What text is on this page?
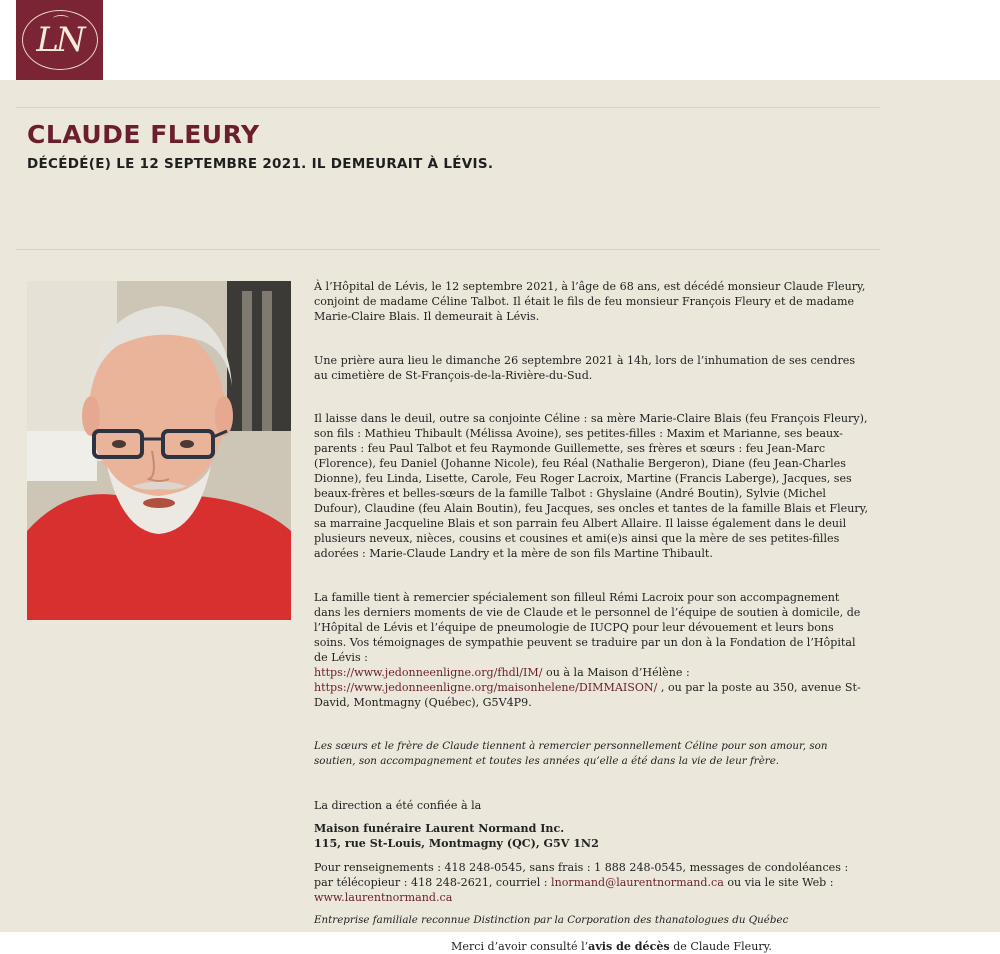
LN
CLAUDE FLEURY
DÉCÉDÉ(E) LE 12 SEPTEMBRE 2021. IL DEMEURAIT À LÉVIS.

À l’Hôpital de Lévis, le 12 septembre 2021, à l’âge de 68 ans, est décédé monsieur Claude Fleury, conjoint de madame Céline Talbot. Il était le fils de feu monsieur François Fleury et de madame Marie-Claire Blais. Il demeurait à Lévis.

Une prière aura lieu le dimanche 26 septembre 2021 à 14h, lors de l’inhumation de ses cendres au cimetière de St-François-de-la-Rivière-du-Sud.

Il laisse dans le deuil, outre sa conjointe Céline : sa mère Marie-Claire Blais (feu François Fleury), son fils : Mathieu Thibault (Mélissa Avoine), ses petites-filles : Maxim et Marianne, ses beaux-parents : feu Paul Talbot et feu Raymonde Guillemette, ses frères et sœurs : feu Jean-Marc (Florence), feu Daniel (Johanne Nicole), feu Réal (Nathalie Bergeron), Diane (feu Jean-Charles Dionne), feu Linda, Lisette, Carole, Feu Roger Lacroix, Martine (Francis Laberge), Jacques, ses beaux-frères et belles-sœurs de la famille Talbot : Ghyslaine (André Boutin), Sylvie (Michel Dufour), Claudine (feu Alain Boutin), feu Jacques, ses oncles et tantes de la famille Blais et Fleury, sa marraine Jacqueline Blais et son parrain feu Albert Allaire. Il laisse également dans le deuil plusieurs neveux, nièces, cousins et cousines et ami(e)s ainsi que la mère de ses petites-filles adorées : Marie-Claude Landry et la mère de son fils Martine Thibault.

La famille tient à remercier spécialement son filleul Rémi Lacroix pour son accompagnement dans les derniers moments de vie de Claude et le personnel de l’équipe de soutien à domicile, de l’Hôpital de Lévis et l’équipe de pneumologie de IUCPQ pour leur dévouement et leurs bons soins. Vos témoignages de sympathie peuvent se traduire par un don à la Fondation de l’Hôpital de Lévis :
https://www.jedonneenligne.org/fhdl/IM/ ou à la Maison d’Hélène :
https://www.jedonneenligne.org/maisonhelene/DIMMAISON/ , ou par la poste au 350, avenue St-David, Montmagny (Québec), G5V4P9.

Les sœurs et le frère de Claude tiennent à remercier personnellement Céline pour son amour, son soutien, son accompagnement et toutes les années qu’elle a été dans la vie de leur frère.

La direction a été confiée à la

Maison funéraire Laurent Normand Inc.
115, rue St-Louis, Montmagny (QC), G5V 1N2

Pour renseignements : 418 248-0545, sans frais : 1 888 248-0545, messages de condoléances : par télécopieur : 418 248-2621, courriel : lnormand@laurentnormand.ca ou via le site Web :
www.laurentnormand.ca

Entreprise familiale reconnue Distinction par la Corporation des thanatologues du Québec

Merci d’avoir consulté l’avis de décès de Claude Fleury.
